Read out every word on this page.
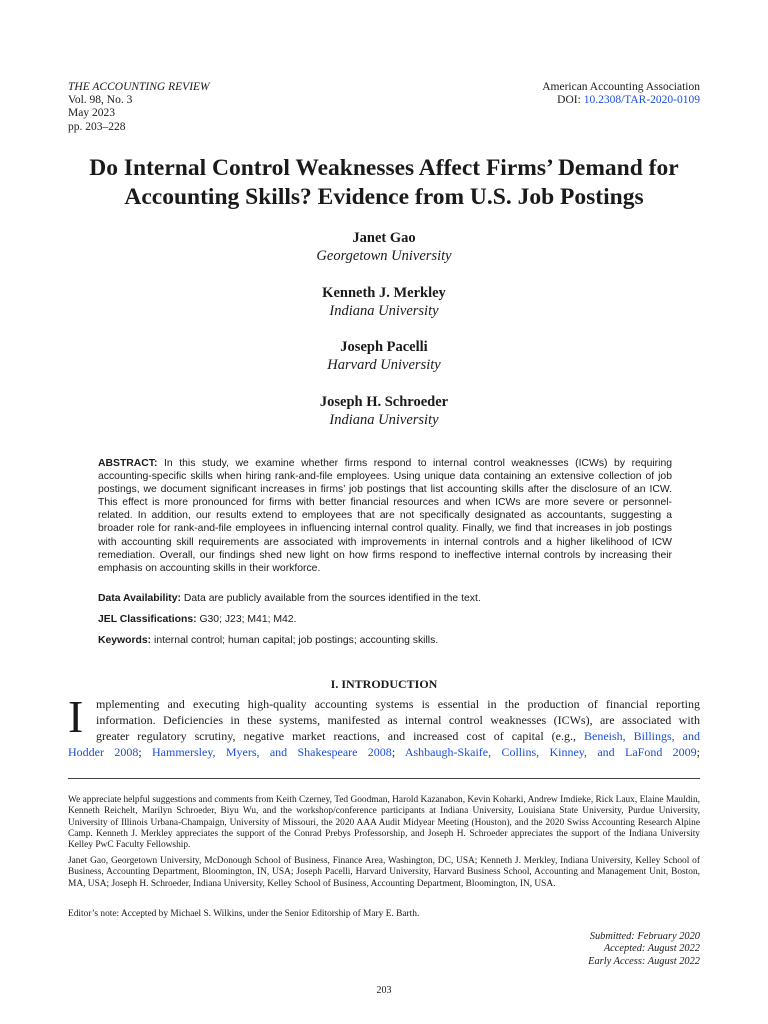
THE ACCOUNTING REVIEW
Vol. 98, No. 3
May 2023
pp. 203–228
American Accounting Association
DOI: 10.2308/TAR-2020-0109
Do Internal Control Weaknesses Affect Firms’ Demand for
Accounting Skills? Evidence from U.S. Job Postings
Janet Gao
Georgetown University
Kenneth J. Merkley
Indiana University
Joseph Pacelli
Harvard University
Joseph H. Schroeder
Indiana University

ABSTRACT: In this study, we examine whether firms respond to internal control weaknesses (ICWs) by requiring accounting-specific skills when hiring rank-and-file employees. Using unique data containing an extensive collection of job postings, we document significant increases in firms’ job postings that list accounting skills after the disclosure of an ICW. This effect is more pronounced for firms with better financial resources and when ICWs are more severe or personnel-related. In addition, our results extend to employees that are not specifically designated as accountants, suggesting a broader role for rank-and-file employees in influencing internal control quality. Finally, we find that increases in job postings with accounting skill requirements are associated with improvements in internal controls and a higher likelihood of ICW remediation. Overall, our findings shed new light on how firms respond to ineffective internal controls by increasing their emphasis on accounting skills in their workforce.

Data Availability: Data are publicly available from the sources identified in the text.
JEL Classifications: G30; J23; M41; M42.
Keywords: internal control; human capital; job postings; accounting skills.
I. INTRODUCTION
I mplementing and executing high-quality accounting systems is essential in the production of financial reporting
information. Deficiencies in these systems, manifested as internal control weaknesses (ICWs), are associated with
greater regulatory scrutiny, negative market reactions, and increased cost of capital (e.g., Beneish, Billings, and
Hodder 2008; Hammersley, Myers, and Shakespeare 2008; Ashbaugh-Skaife, Collins, Kinney, and LaFond 2009;

We appreciate helpful suggestions and comments from Keith Czerney, Ted Goodman, Harold Kazanabon, Kevin Koharki, Andrew Imdieke, Rick Laux, Elaine Mauldin, Kenneth Reichelt, Marilyn Schroeder, Biyu Wu, and the workshop/conference participants at Indiana University, Louisiana State University, Purdue University, University of Illinois Urbana-Champaign, University of Missouri, the 2020 AAA Audit Midyear Meeting (Houston), and the 2020 Swiss Accounting Research Alpine Camp. Kenneth J. Merkley appreciates the support of the Conrad Prebys Professorship, and Joseph H. Schroeder appreciates the support of the Indiana University Kelley PwC Faculty Fellowship.

Janet Gao, Georgetown University, McDonough School of Business, Finance Area, Washington, DC, USA; Kenneth J. Merkley, Indiana University, Kelley School of Business, Accounting Department, Bloomington, IN, USA; Joseph Pacelli, Harvard University, Harvard Business School, Accounting and Management Unit, Boston, MA, USA; Joseph H. Schroeder, Indiana University, Kelley School of Business, Accounting Department, Bloomington, IN, USA.

Editor’s note: Accepted by Michael S. Wilkins, under the Senior Editorship of Mary E. Barth.

Submitted: February 2020
Accepted: August 2022
Early Access: August 2022
203
